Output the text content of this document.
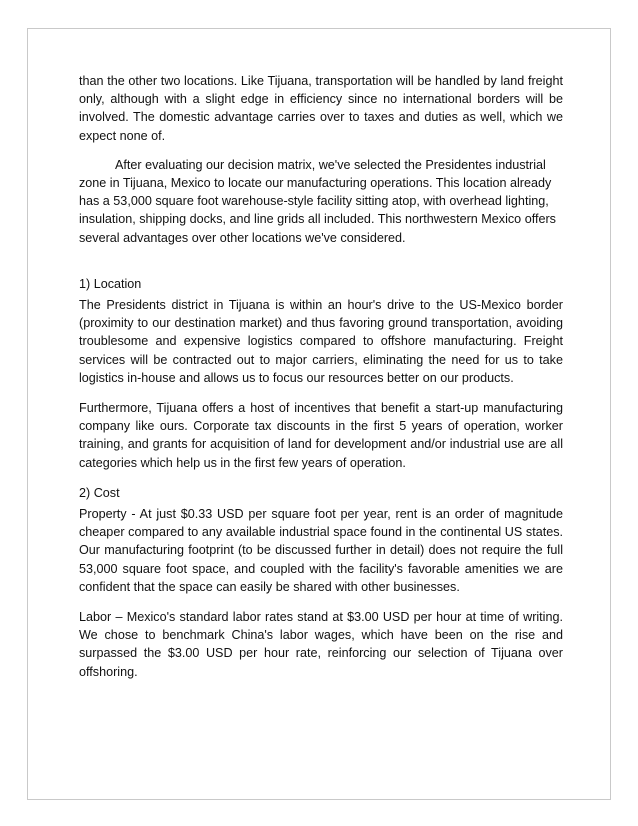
than the other two locations. Like Tijuana, transportation will be handled by land freight only, although with a slight edge in efficiency since no international borders will be involved. The domestic advantage carries over to taxes and duties as well, which we expect none of.

After evaluating our decision matrix, we've selected the Presidentes industrial zone in Tijuana, Mexico to locate our manufacturing operations. This location already has a 53,000 square foot warehouse-style facility sitting atop, with overhead lighting, insulation, shipping docks, and line grids all included. This northwestern Mexico offers several advantages over other locations we've considered.

1) Location

The Presidents district in Tijuana is within an hour's drive to the US-Mexico border (proximity to our destination market) and thus favoring ground transportation, avoiding troublesome and expensive logistics compared to offshore manufacturing. Freight services will be contracted out to major carriers, eliminating the need for us to take logistics in-house and allows us to focus our resources better on our products.

Furthermore, Tijuana offers a host of incentives that benefit a start-up manufacturing company like ours. Corporate tax discounts in the first 5 years of operation, worker training, and grants for acquisition of land for development and/or industrial use are all categories which help us in the first few years of operation.

2) Cost

Property - At just $0.33 USD per square foot per year, rent is an order of magnitude cheaper compared to any available industrial space found in the continental US states. Our manufacturing footprint (to be discussed further in detail) does not require the full 53,000 square foot space, and coupled with the facility's favorable amenities we are confident that the space can easily be shared with other businesses.

Labor – Mexico's standard labor rates stand at $3.00 USD per hour at time of writing. We chose to benchmark China's labor wages, which have been on the rise and surpassed the $3.00 USD per hour rate, reinforcing our selection of Tijuana over offshoring.
